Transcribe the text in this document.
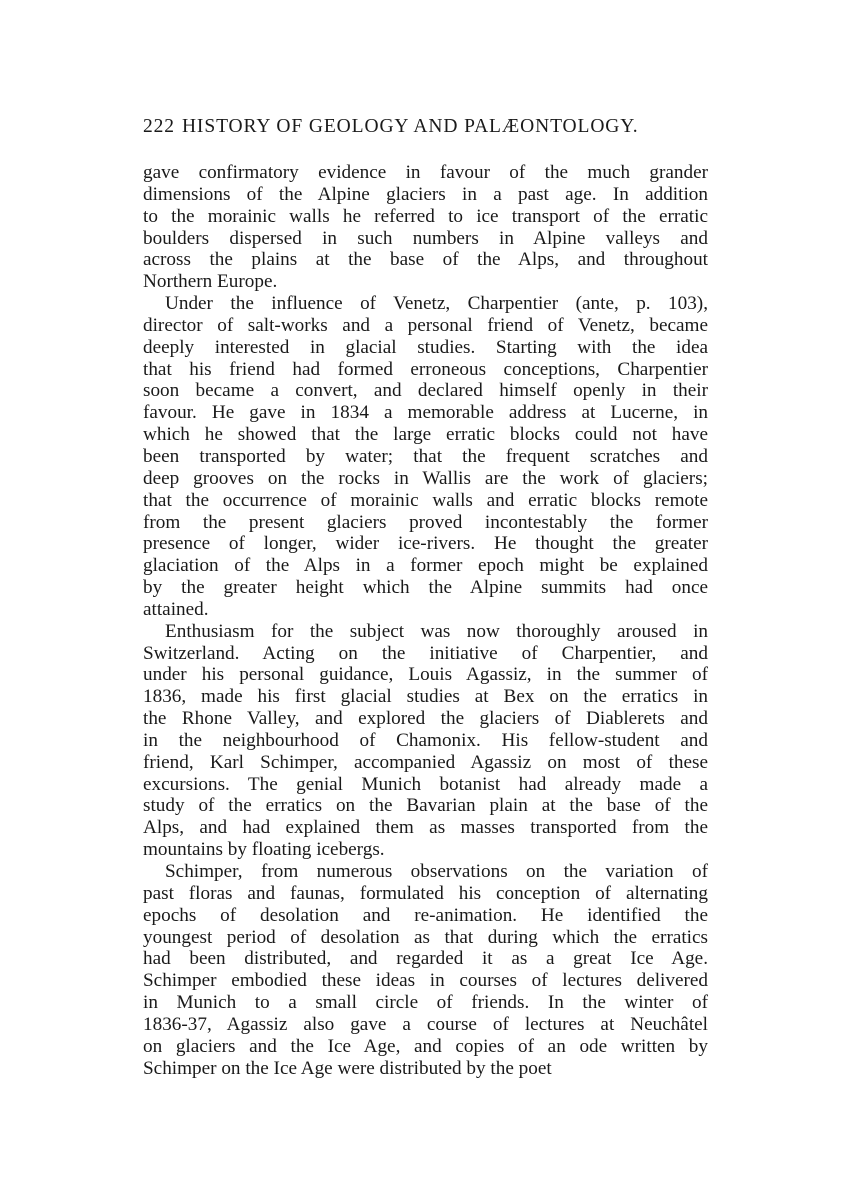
222 HISTORY OF GEOLOGY AND PALÆONTOLOGY.
gave confirmatory evidence in favour of the much grander
dimensions of the Alpine glaciers in a past age. In addition
to the morainic walls he referred to ice transport of the erratic
boulders dispersed in such numbers in Alpine valleys and
across the plains at the base of the Alps, and throughout
Northern Europe.
Under the influence of Venetz, Charpentier (ante, p. 103),
director of salt-works and a personal friend of Venetz, became
deeply interested in glacial studies. Starting with the idea
that his friend had formed erroneous conceptions, Charpentier
soon became a convert, and declared himself openly in their
favour. He gave in 1834 a memorable address at Lucerne, in
which he showed that the large erratic blocks could not have
been transported by water; that the frequent scratches and
deep grooves on the rocks in Wallis are the work of glaciers;
that the occurrence of morainic walls and erratic blocks remote
from the present glaciers proved incontestably the former
presence of longer, wider ice-rivers. He thought the greater
glaciation of the Alps in a former epoch might be explained
by the greater height which the Alpine summits had once
attained.
Enthusiasm for the subject was now thoroughly aroused in
Switzerland. Acting on the initiative of Charpentier, and
under his personal guidance, Louis Agassiz, in the summer of
1836, made his first glacial studies at Bex on the erratics in
the Rhone Valley, and explored the glaciers of Diablerets and
in the neighbourhood of Chamonix. His fellow-student and
friend, Karl Schimper, accompanied Agassiz on most of these
excursions. The genial Munich botanist had already made a
study of the erratics on the Bavarian plain at the base of the
Alps, and had explained them as masses transported from the
mountains by floating icebergs.
Schimper, from numerous observations on the variation of
past floras and faunas, formulated his conception of alternating
epochs of desolation and re-animation. He identified the
youngest period of desolation as that during which the erratics
had been distributed, and regarded it as a great Ice Age.
Schimper embodied these ideas in courses of lectures delivered
in Munich to a small circle of friends. In the winter of
1836-37, Agassiz also gave a course of lectures at Neuchâtel
on glaciers and the Ice Age, and copies of an ode written by
Schimper on the Ice Age were distributed by the poet
